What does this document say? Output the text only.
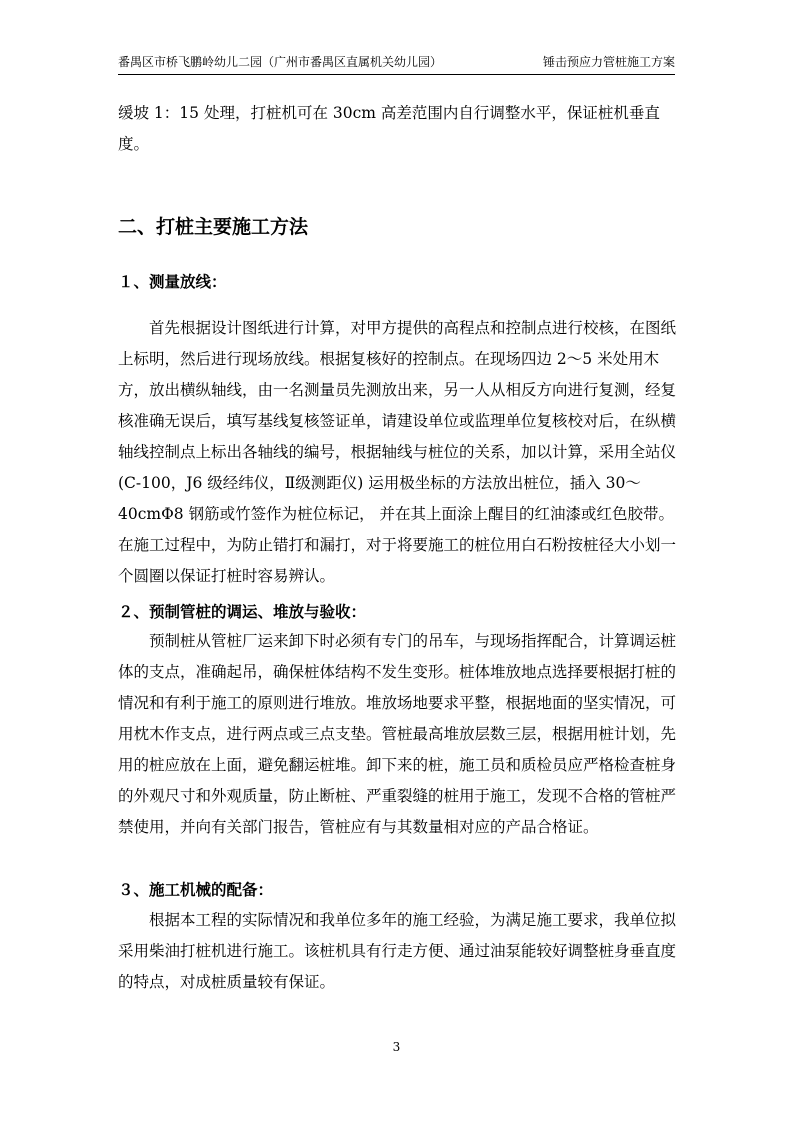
番禺区市桥飞鹏岭幼儿二园（广州市番禺区直属机关幼儿园）	锤击预应力管桩施工方案

缓坡 1：15 处理，打桩机可在 30cm 高差范围内自行调整水平，保证桩机垂直度。

二、打桩主要施工方法
１、测量放线：

首先根据设计图纸进行计算，对甲方提供的高程点和控制点进行校核，在图纸上标明，然后进行现场放线。根据复核好的控制点。在现场四边 2～5 米处用木方，放出横纵轴线，由一名测量员先测放出来，另一人从相反方向进行复测，经复核准确无误后，填写基线复核签证单，请建设单位或监理单位复核校对后，在纵横轴线控制点上标出各轴线的编号，根据轴线与桩位的关系，加以计算，采用全站仪(C-100，J6 级经纬仪，Ⅱ级测距仪) 运用极坐标的方法放出桩位，插入 30～40cmΦ8 钢筋或竹签作为桩位标记， 并在其上面涂上醒目的红油漆或红色胶带。在施工过程中，为防止错打和漏打，对于将要施工的桩位用白石粉按桩径大小划一个圆圈以保证打桩时容易辨认。

２、预制管桩的调运、堆放与验收：

预制桩从管桩厂运来卸下时必须有专门的吊车，与现场指挥配合，计算调运桩体的支点，准确起吊，确保桩体结构不发生变形。桩体堆放地点选择要根据打桩的情况和有利于施工的原则进行堆放。堆放场地要求平整，根据地面的坚实情况，可用枕木作支点，进行两点或三点支垫。管桩最高堆放层数三层，根据用桩计划，先用的桩应放在上面，避免翻运桩堆。卸下来的桩，施工员和质检员应严格检查桩身的外观尺寸和外观质量，防止断桩、严重裂缝的桩用于施工，发现不合格的管桩严禁使用，并向有关部门报告，管桩应有与其数量相对应的产品合格证。

３、施工机械的配备：

根据本工程的实际情况和我单位多年的施工经验，为满足施工要求，我单位拟采用柴油打桩机进行施工。该桩机具有行走方便、通过油泵能较好调整桩身垂直度的特点，对成桩质量较有保证。

3
